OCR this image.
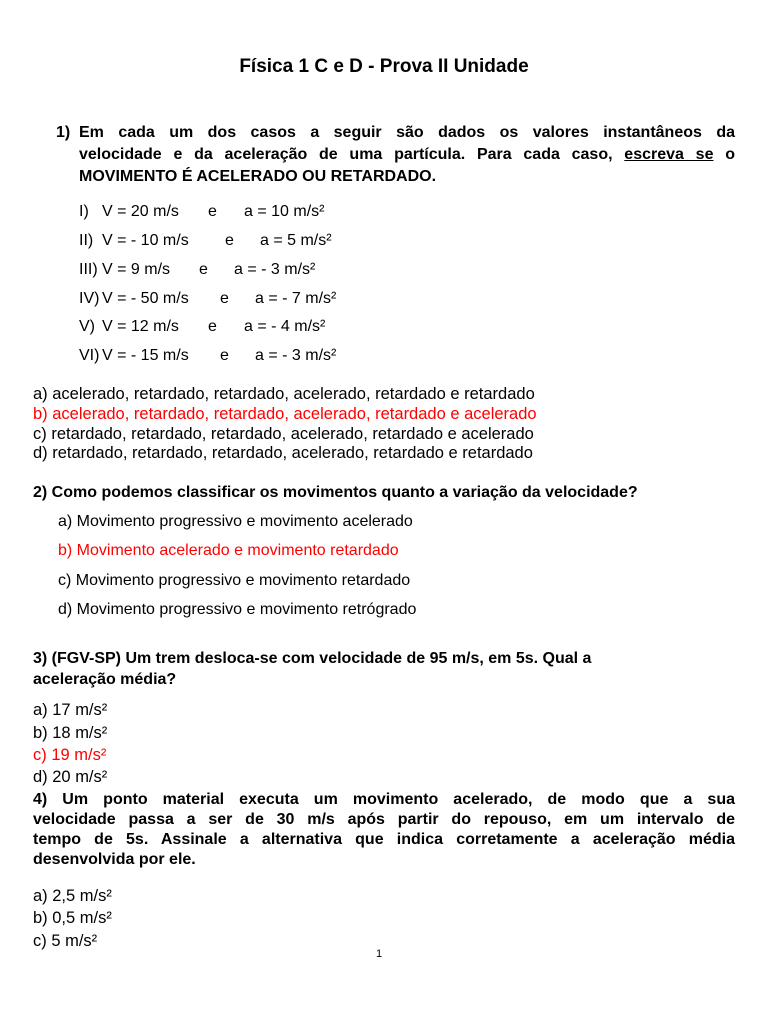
Física 1 C e D - Prova II Unidade
1) Em cada um dos casos a seguir são dados os valores instantâneos da
velocidade e da aceleração de uma partícula. Para cada caso, escreva se o
MOVIMENTO É ACELERADO OU RETARDADO.
I) V = 20 m/s e a = 10 m/s²
II) V = - 10 m/s e a = 5 m/s²
III) V = 9 m/s e a = - 3 m/s²
IV) V = - 50 m/s e a = - 7 m/s²
V) V = 12 m/s e a = - 4 m/s²
VI) V = - 15 m/s e a = - 3 m/s²
a) acelerado, retardado, retardado, acelerado, retardado e retardado
b) acelerado, retardado, retardado, acelerado, retardado e acelerado
c) retardado, retardado, retardado, acelerado, retardado e acelerado
d) retardado, retardado, retardado, acelerado, retardado e retardado
2) Como podemos classificar os movimentos quanto a variação da velocidade?
a) Movimento progressivo e movimento acelerado
b) Movimento acelerado e movimento retardado
c) Movimento progressivo e movimento retardado
d) Movimento progressivo e movimento retrógrado
3) (FGV-SP) Um trem desloca-se com velocidade de 95 m/s, em 5s. Qual a
aceleração média?
a) 17 m/s²
b) 18 m/s²
c) 19 m/s²
d) 20 m/s²
4) Um ponto material executa um movimento acelerado, de modo que a sua
velocidade passa a ser de 30 m/s após partir do repouso, em um intervalo de
tempo de 5s. Assinale a alternativa que indica corretamente a aceleração média
desenvolvida por ele.
a) 2,5 m/s²
b) 0,5 m/s²
c) 5 m/s²
1
